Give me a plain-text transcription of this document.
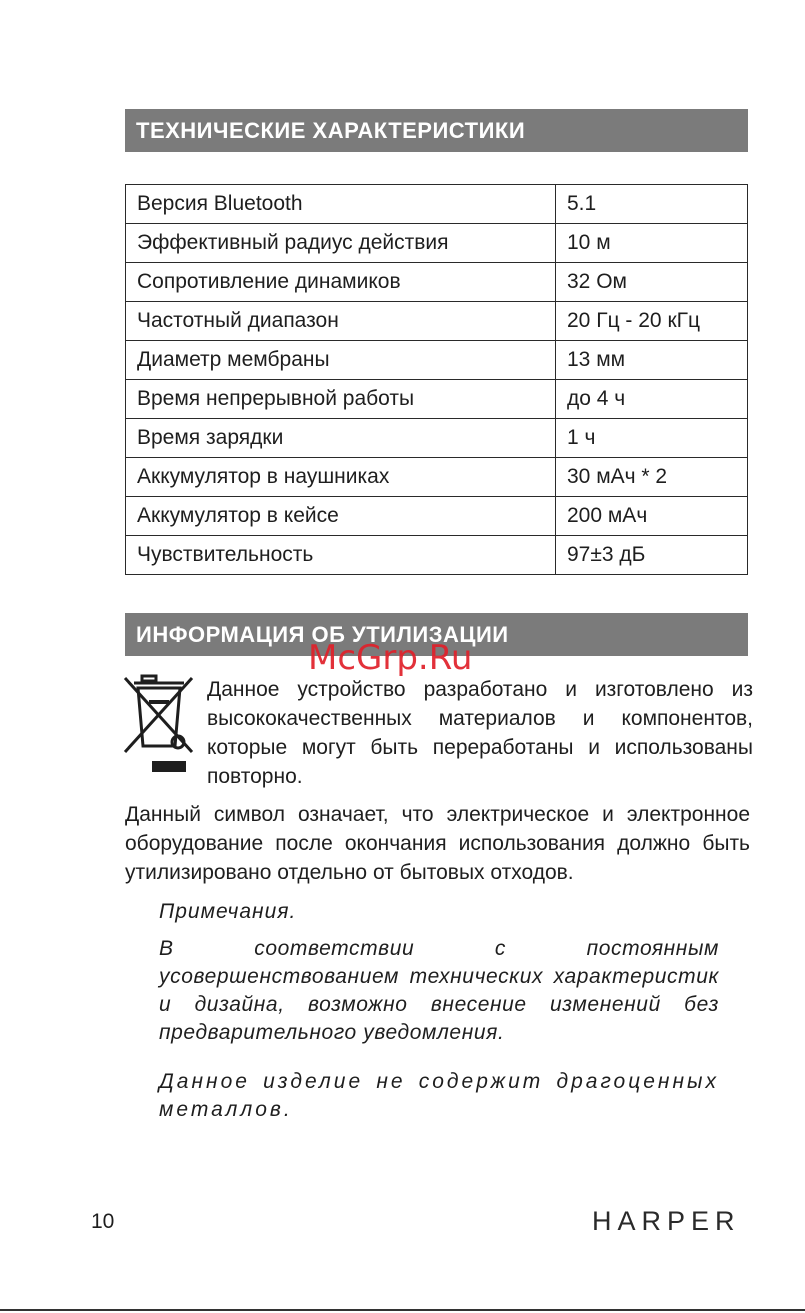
ТЕХНИЧЕСКИЕ ХАРАКТЕРИСТИКИ
Версия Bluetooth	5.1
Эффективный радиус действия	10 м
Сопротивление динамиков	32 Ом
Частотный диапазон	20 Гц - 20 кГц
Диаметр мембраны	13 мм
Время непрерывной работы	до 4 ч
Время зарядки	1 ч
Аккумулятор в наушниках	30 мАч * 2
Аккумулятор в кейсе	200 мАч
Чувствительность	97±3 дБ
ИНФОРМАЦИЯ ОБ УТИЛИЗАЦИИ
McGrp.Ru
Данное устройство разработано и изготовлено из высококачественных материалов и компонентов, которые могут быть переработаны и использованы повторно.
Данный символ означает, что электрическое и электронное оборудование после окончания использования должно быть утилизировано отдельно от бытовых отходов.
Примечания.
В соответствии с постоянным усовершенствованием технических характеристик и дизайна, возможно внесение изменений без предварительного уведомления.
Данное изделие не содержит драгоценных металлов.
10	HARPER
